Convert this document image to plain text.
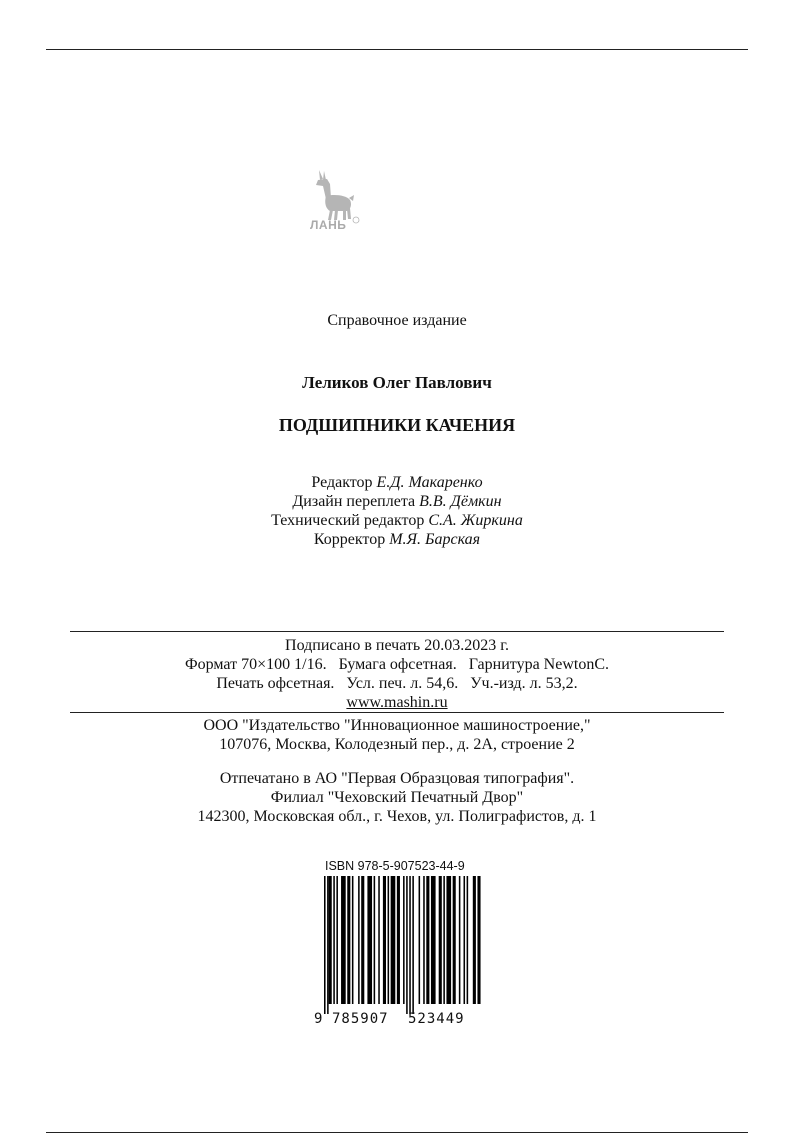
ЛАНЬ
Справочное издание
Леликов Олег Павлович
ПОДШИПНИКИ КАЧЕНИЯ
Редактор Е.Д. Макаренко
Дизайн переплета В.В. Дёмкин
Технический редактор С.А. Жиркина
Корректор М.Я. Барская
Подписано в печать 20.03.2023 г.
Формат 70×100 1/16.   Бумага офсетная.   Гарнитура NewtonC.
Печать офсетная.   Усл. печ. л. 54,6.   Уч.-изд. л. 53,2.
www.mashin.ru
ООО "Издательство "Инновационное машиностроение,"
107076, Москва, Колодезный пер., д. 2А, строение 2
Отпечатано в АО "Первая Образцовая типография".
Филиал "Чеховский Печатный Двор"
142300, Московская обл., г. Чехов, ул. Полиграфистов, д. 1
ISBN 978-5-907523-44-9
9 785907 523449
